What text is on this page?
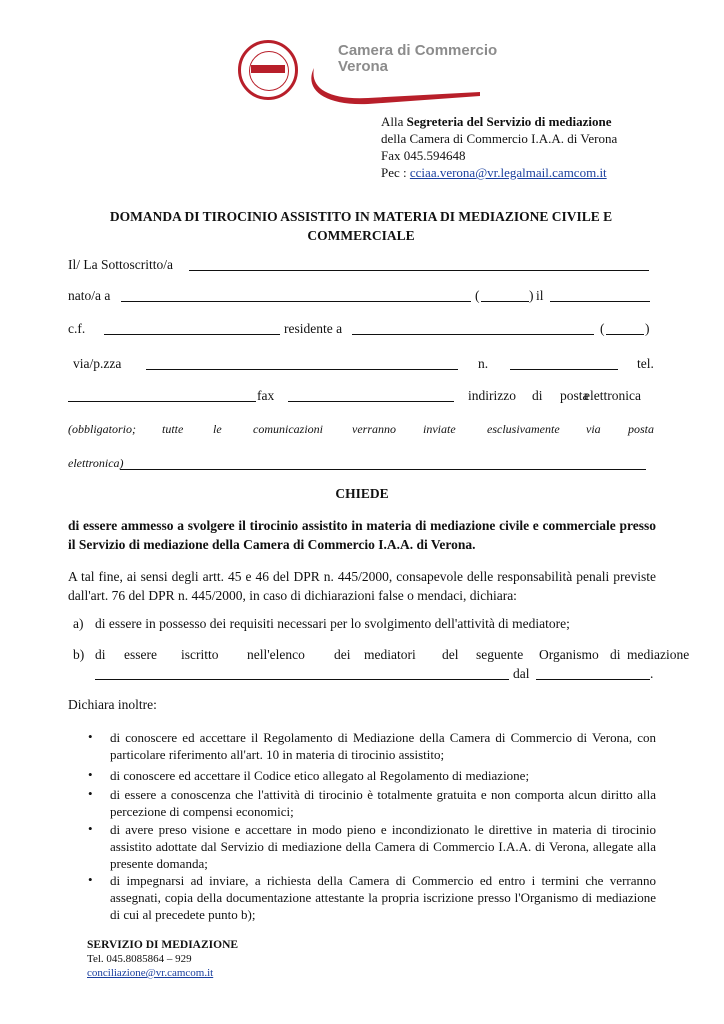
Camera di Commercio
Verona
Alla Segreteria del Servizio di mediazione
della Camera di Commercio I.A.A. di Verona
Fax 045.594648
Pec : cciaa.verona@vr.legalmail.camcom.it
DOMANDA DI TIROCINIO ASSISTITO IN MATERIA DI MEDIAZIONE CIVILE E
COMMERCIALE
Il/ La Sottoscritto/a
nato/a a	(	) il
c.f.	residente a	(	)
via/p.zza	n.	tel.
fax	indirizzo di posta
elettronica
(obbligatorio; tutte le	comunicazioni verranno inviate	esclusivamente via posta
elettronica)
CHIEDE
di essere ammesso a svolgere il tirocinio assistito in materia di mediazione civile e commerciale presso il Servizio di mediazione della Camera di Commercio I.A.A. di Verona.
A tal fine, ai sensi degli artt. 45 e 46 del DPR n. 445/2000, consapevole delle responsabilità penali previste dall'art. 76 del DPR n. 445/2000, in caso di dichiarazioni false o mendaci, dichiara:
a) di essere in possesso dei requisiti necessari per lo svolgimento dell'attività di mediatore;
b) di essere iscritto nell'elenco dei mediatori del seguente Organismo di mediazione
dal	.
Dichiara inoltre:
• di conoscere ed accettare il Regolamento di Mediazione della Camera di Commercio di Verona, con particolare riferimento all'art. 10 in materia di tirocinio assistito;
• di conoscere ed accettare il Codice etico allegato al Regolamento di mediazione;
• di essere a conoscenza che l'attività di tirocinio è totalmente gratuita e non comporta alcun diritto alla percezione di compensi economici;
• di avere preso visione e accettare in modo pieno e incondizionato le direttive in materia di tirocinio assistito adottate dal Servizio di mediazione della Camera di Commercio I.A.A. di Verona, allegate alla presente domanda;
• di impegnarsi ad inviare, a richiesta della Camera di Commercio ed entro i termini che verranno assegnati, copia della documentazione attestante la propria iscrizione presso l'Organismo di mediazione di cui al precedete punto b);
SERVIZIO DI MEDIAZIONE
Tel. 045.8085864 – 929
conciliazione@vr.camcom.it
